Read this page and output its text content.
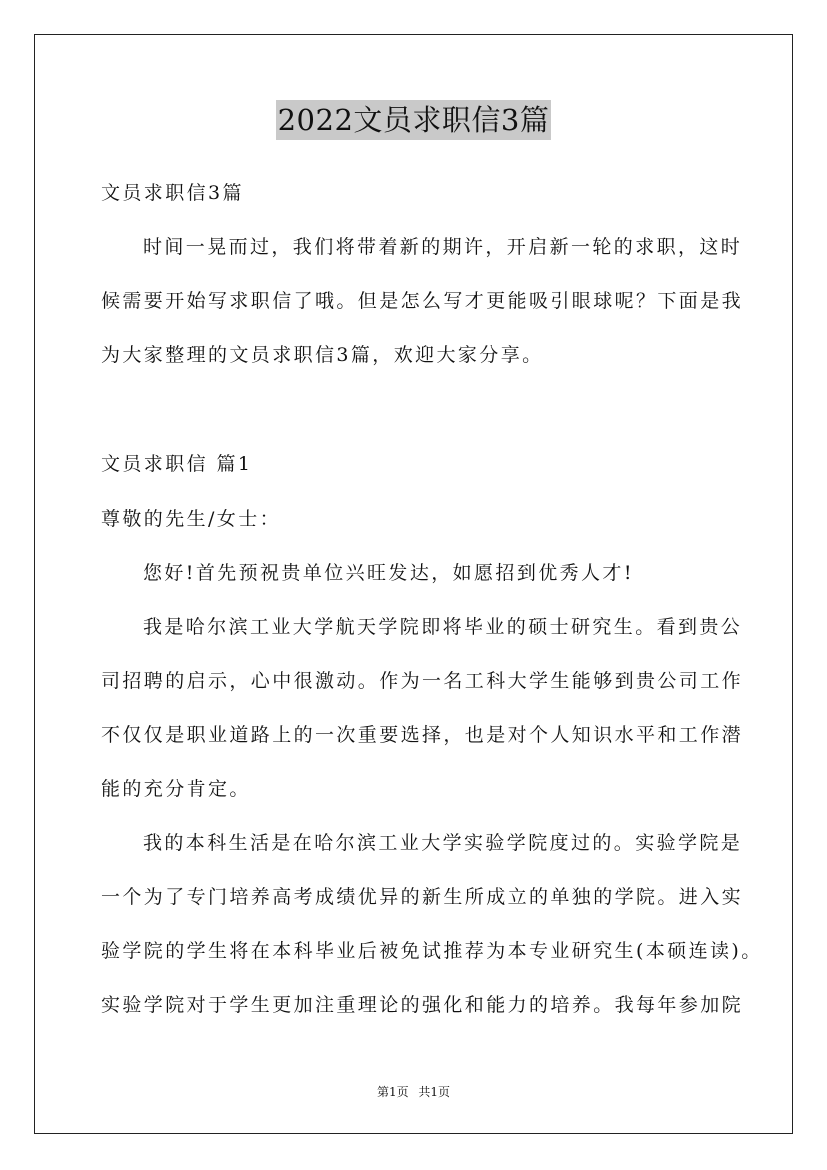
2022文员求职信3篇
文员求职信3篇
时间一晃而过，我们将带着新的期许，开启新一轮的求职，这时
候需要开始写求职信了哦。但是怎么写才更能吸引眼球呢？下面是我
为大家整理的文员求职信3篇，欢迎大家分享。
文员求职信 篇1
尊敬的先生/女士：
您好!首先预祝贵单位兴旺发达，如愿招到优秀人才!
我是哈尔滨工业大学航天学院即将毕业的硕士研究生。看到贵公
司招聘的启示，心中很激动。作为一名工科大学生能够到贵公司工作
不仅仅是职业道路上的一次重要选择，也是对个人知识水平和工作潜
能的充分肯定。
我的本科生活是在哈尔滨工业大学实验学院度过的。实验学院是
一个为了专门培养高考成绩优异的新生所成立的单独的学院。进入实
验学院的学生将在本科毕业后被免试推荐为本专业研究生(本硕连读)。
实验学院对于学生更加注重理论的强化和能力的培养。我每年参加院
第1页 共1页
